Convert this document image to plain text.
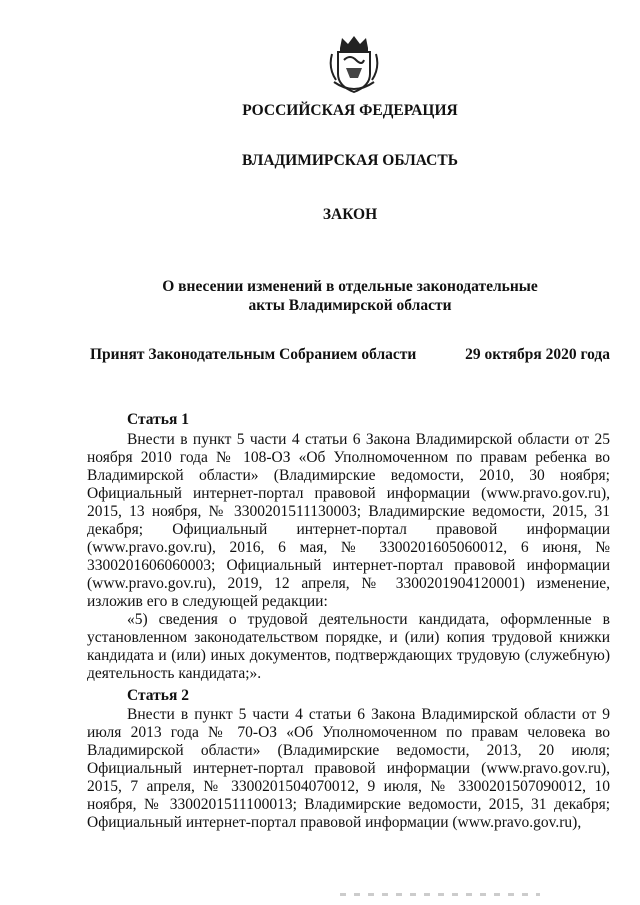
РОССИЙСКАЯ ФЕДЕРАЦИЯ
ВЛАДИМИРСКАЯ ОБЛАСТЬ
ЗАКОН
О внесении изменений в отдельные законодательные
акты Владимирской области
Принят Законодательным Собранием области	29 октября 2020 года
Статья 1

Внести в пункт 5 части 4 статьи 6 Закона Владимирской области от 25 ноября 2010 года № 108-ОЗ «Об Уполномоченном по правам ребенка во Владимирской области» (Владимирские ведомости, 2010, 30 ноября; Официальный интернет-портал правовой информации (www.pravo.gov.ru), 2015, 13 ноября, № 3300201511130003; Владимирские ведомости, 2015, 31 декабря; Официальный интернет-портал правовой информации (www.pravo.gov.ru), 2016, 6 мая, № 3300201605060012, 6 июня, № 3300201606060003; Официальный интернет-портал правовой информации (www.pravo.gov.ru), 2019, 12 апреля, № 3300201904120001) изменение, изложив его в следующей редакции:

«5) сведения о трудовой деятельности кандидата, оформленные в установленном законодательством порядке, и (или) копия трудовой книжки кандидата и (или) иных документов, подтверждающих трудовую (служебную) деятельность кандидата;».

Статья 2

Внести в пункт 5 части 4 статьи 6 Закона Владимирской области от 9 июля 2013 года № 70-ОЗ «Об Уполномоченном по правам человека во Владимирской области» (Владимирские ведомости, 2013, 20 июля; Официальный интернет-портал правовой информации (www.pravo.gov.ru), 2015, 7 апреля, № 3300201504070012, 9 июля, № 3300201507090012, 10 ноября, № 3300201511100013; Владимирские ведомости, 2015, 31 декабря; Официальный интернет-портал правовой информации (www.pravo.gov.ru),
